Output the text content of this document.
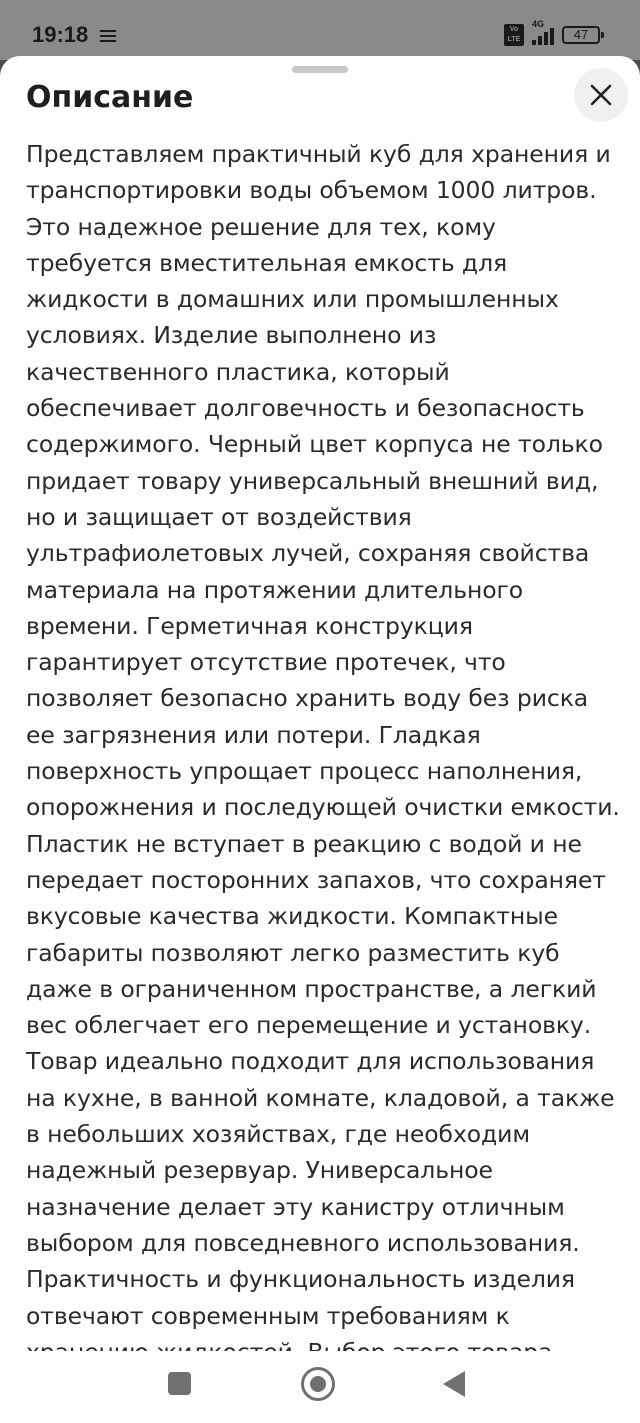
19:18	Vo LTE
4G
47
Описание

Представляем практичный куб для хранения и транспортировки воды объемом 1000 литров. Это надежное решение для тех, кому требуется вместительная емкость для жидкости в домашних или промышленных условиях. Изделие выполнено из качественного пластика, который обеспечивает долговечность и безопасность содержимого. Черный цвет корпуса не только придает товару универсальный внешний вид, но и защищает от воздействия ультрафиолетовых лучей, сохраняя свойства материала на протяжении длительного времени. Герметичная конструкция гарантирует отсутствие протечек, что позволяет безопасно хранить воду без риска ее загрязнения или потери. Гладкая поверхность упрощает процесс наполнения, опорожнения и последующей очистки емкости. Пластик не вступает в реакцию с водой и не передает посторонних запахов, что сохраняет вкусовые качества жидкости. Компактные габариты позволяют легко разместить куб даже в ограниченном пространстве, а легкий вес облегчает его перемещение и установку. Товар идеально подходит для использования на кухне, в ванной комнате, кладовой, а также в небольших хозяйствах, где необходим надежный резервуар. Универсальное назначение делает эту канистру отличным выбором для повседневного использования. Практичность и функциональность изделия отвечают современным требованиям к
